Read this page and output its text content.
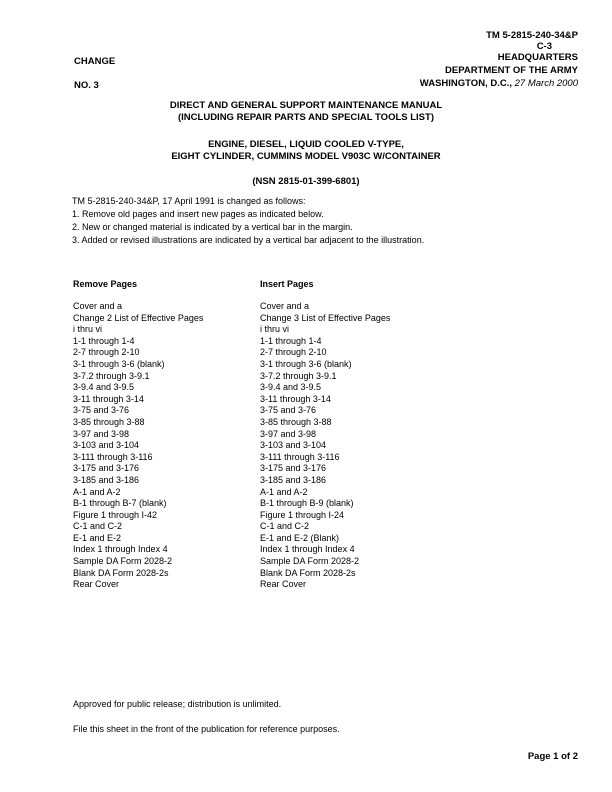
TM 5-2815-240-34&P
C-3
HEADQUARTERS
DEPARTMENT OF THE ARMY
WASHINGTON, D.C., 27 March 2000
CHANGE
NO. 3
DIRECT AND GENERAL SUPPORT MAINTENANCE MANUAL
(INCLUDING REPAIR PARTS AND SPECIAL TOOLS LIST)
ENGINE, DIESEL, LIQUID COOLED V-TYPE,
EIGHT CYLINDER, CUMMINS MODEL V903C W/CONTAINER
(NSN 2815-01-399-6801)
TM 5-2815-240-34&P, 17 April 1991 is changed as follows:
1. Remove old pages and insert new pages as indicated below.
2. New or changed material is indicated by a vertical bar in the margin.
3. Added or revised illustrations are indicated by a vertical bar adjacent to the illustration.
Remove Pages	Insert Pages
Cover and a
Change 2 List of Effective Pages
i thru vi
1-1 through 1-4
2-7 through 2-10
3-1 through 3-6 (blank)
3-7.2 through 3-9.1
3-9.4 and 3-9.5
3-11 through 3-14
3-75 and 3-76
3-85 through 3-88
3-97 and 3-98
3-103 and 3-104
3-111 through 3-116
3-175 and 3-176
3-185 and 3-186
A-1 and A-2
B-1 through B-7 (blank)
Figure 1 through I-42
C-1 and C-2
E-1 and E-2
Index 1 through Index 4
Sample DA Form 2028-2
Blank DA Form 2028-2s
Rear Cover
Cover and a
Change 3 List of Effective Pages
i thru vi
1-1 through 1-4
2-7 through 2-10
3-1 through 3-6 (blank)
3-7.2 through 3-9.1
3-9.4 and 3-9.5
3-11 through 3-14
3-75 and 3-76
3-85 through 3-88
3-97 and 3-98
3-103 and 3-104
3-111 through 3-116
3-175 and 3-176
3-185 and 3-186
A-1 and A-2
B-1 through B-9 (blank)
Figure 1 through I-24
C-1 and C-2
E-1 and E-2 (Blank)
Index 1 through Index 4
Sample DA Form 2028-2
Blank DA Form 2028-2s
Rear Cover
Approved for public release; distribution is unlimited.
File this sheet in the front of the publication for reference purposes.
Page 1 of 2
